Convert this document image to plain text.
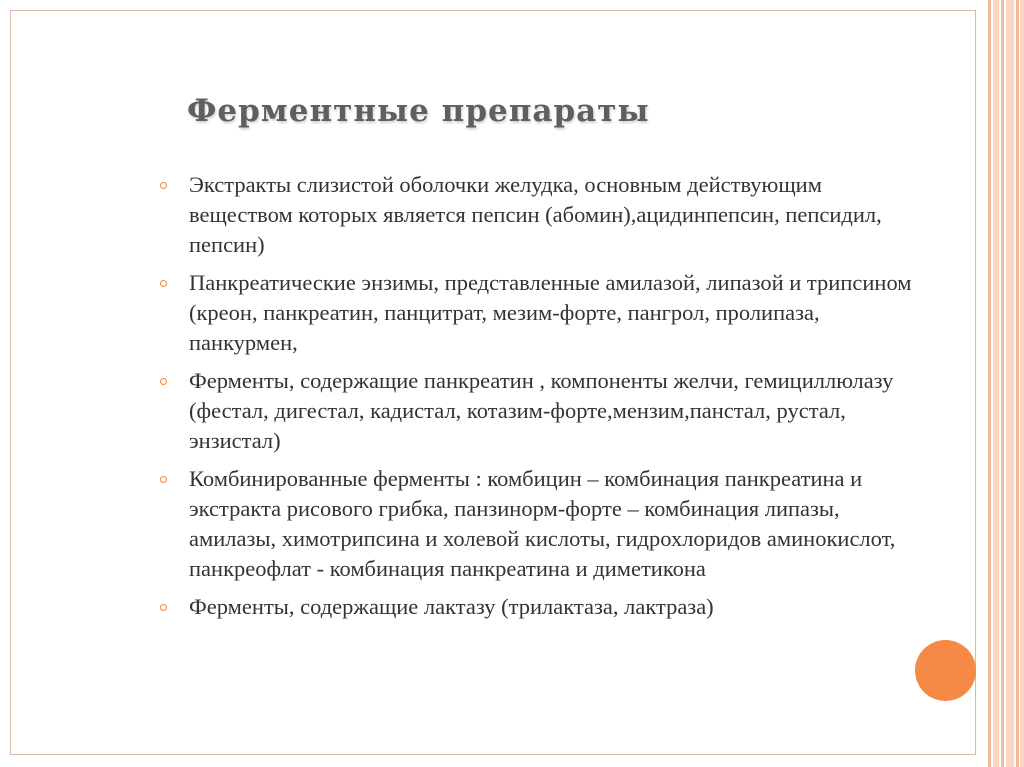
Ферментные препараты
Экстракты слизистой оболочки желудка, основным действующим веществом которых является пепсин (абомин),ацидинпепсин, пепсидил, пепсин)
Панкреатические энзимы, представленные амилазой, липазой и трипсином (креон, панкреатин, панцитрат, мезим-форте, пангрол, пролипаза, панкурмен,
Ферменты, содержащие панкреатин , компоненты желчи, гемициллюлазу (фестал, дигестал, кадистал, котазим-форте,мензим,панстал, рустал, энзистал)
Комбинированные ферменты : комбицин – комбинация панкреатина и экстракта рисового грибка, панзинорм-форте – комбинация липазы, амилазы, химотрипсина и холевой кислоты, гидрохлоридов аминокислот, панкреофлат - комбинация панкреатина и диметикона
Ферменты, содержащие лактазу (трилактаза, лактраза)
